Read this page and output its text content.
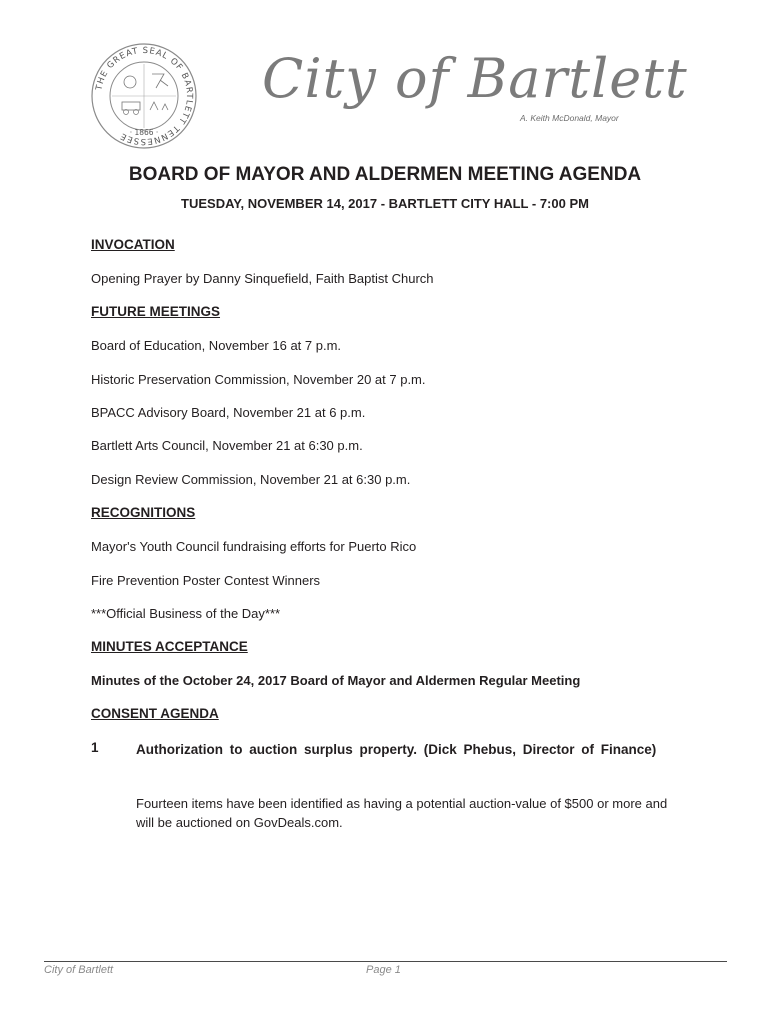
THE GREAT SEAL OF BARTLETT TENNESSEE · 1866 ·
City of Bartlett
A. Keith McDonald, Mayor
BOARD OF MAYOR AND ALDERMEN MEETING AGENDA
TUESDAY, NOVEMBER 14, 2017 - BARTLETT CITY HALL - 7:00 PM
INVOCATION
Opening Prayer by Danny Sinquefield, Faith Baptist Church
FUTURE MEETINGS
Board of Education, November 16 at 7 p.m.
Historic Preservation Commission, November 20 at 7 p.m.
BPACC Advisory Board, November 21 at 6 p.m.
Bartlett Arts Council, November 21 at 6:30 p.m.
Design Review Commission, November 21 at 6:30 p.m.
RECOGNITIONS
Mayor's Youth Council fundraising efforts for Puerto Rico
Fire Prevention Poster Contest Winners
***Official Business of the Day***
MINUTES ACCEPTANCE
Minutes of the October 24, 2017 Board of Mayor and Aldermen Regular Meeting
CONSENT AGENDA
1	Authorization to auction surplus property. (Dick Phebus, Director of Finance)
Fourteen items have been identified as having a potential auction-value of $500 or more and will be auctioned on GovDeals.com.
City of Bartlett	Page 1
